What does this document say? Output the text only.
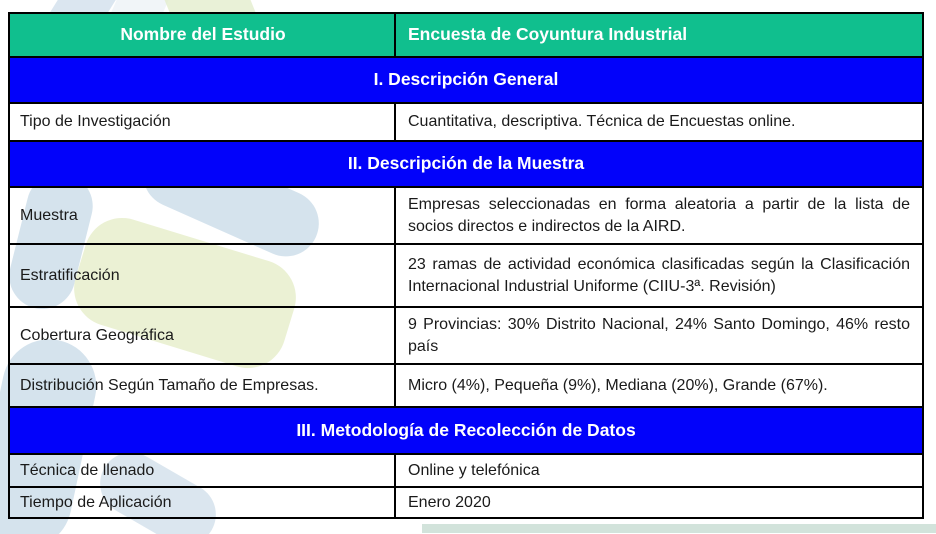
Nombre del Estudio	Encuesta de Coyuntura Industrial
I. Descripción General	
Tipo de Investigación	Cuantitativa, descriptiva. Técnica de Encuestas online.
II. Descripción de la Muestra	
Muestra	Empresas seleccionadas en forma aleatoria a partir de la lista de socios directos e indirectos de la AIRD.
Estratificación	23 ramas de actividad económica clasificadas según la Clasificación Internacional Industrial Uniforme (CIIU-3ª. Revisión)
Cobertura Geográfica	9 Provincias: 30% Distrito Nacional, 24% Santo Domingo, 46% resto país
Distribución Según Tamaño de Empresas.	Micro (4%), Pequeña (9%), Mediana (20%), Grande (67%).
III. Metodología de Recolección de Datos	
Técnica de llenado	Online y telefónica
Tiempo de Aplicación	Enero 2020
